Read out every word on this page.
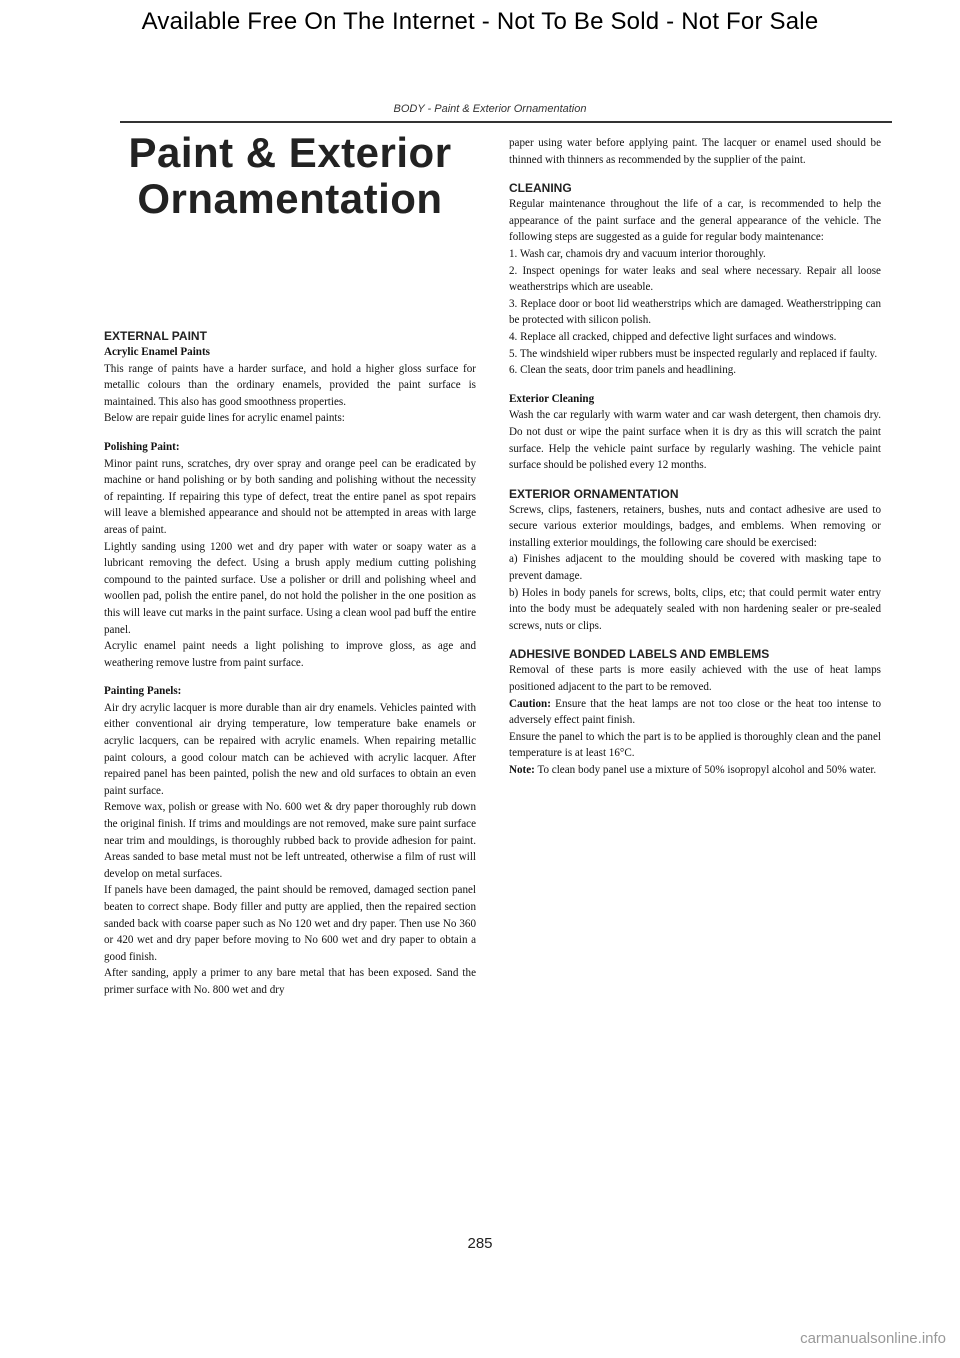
Available Free On The Internet - Not To Be Sold - Not For Sale
BODY - Paint & Exterior Ornamentation
Paint & Exterior
Ornamentation

EXTERNAL PAINT

Acrylic Enamel Paints

This range of paints have a harder surface, and hold a higher gloss surface for metallic colours than the ordinary enamels, provided the paint surface is maintained. This also has good smoothness properties.

Below are repair guide lines for acrylic enamel paints:

Polishing Paint:

Minor paint runs, scratches, dry over spray and orange peel can be eradicated by machine or hand polishing or by both sanding and polishing without the necessity of repainting. If repairing this type of defect, treat the entire panel as spot repairs will leave a blemished appearance and should not be attempted in areas with large areas of paint.

Lightly sanding using 1200 wet and dry paper with water or soapy water as a lubricant removing the defect. Using a brush apply medium cutting polishing compound to the painted surface. Use a polisher or drill and polishing wheel and woollen pad, polish the entire panel, do not hold the polisher in the one position as this will leave cut marks in the paint surface. Using a clean wool pad buff the entire panel.

Acrylic enamel paint needs a light polishing to improve gloss, as age and weathering remove lustre from paint surface.

Painting Panels:

Air dry acrylic lacquer is more durable than air dry enamels. Vehicles painted with either conventional air drying temperature, low temperature bake enamels or acrylic lacquers, can be repaired with acrylic enamels. When repairing metallic paint colours, a good colour match can be achieved with acrylic lacquer. After repaired panel has been painted, polish the new and old surfaces to obtain an even paint surface.

Remove wax, polish or grease with No. 600 wet & dry paper thoroughly rub down the original finish. If trims and mouldings are not removed, make sure paint surface near trim and mouldings, is thoroughly rubbed back to provide adhesion for paint. Areas sanded to base metal must not be left untreated, otherwise a film of rust will develop on metal surfaces.

If panels have been damaged, the paint should be removed, damaged section panel beaten to correct shape. Body filler and putty are applied, then the repaired section sanded back with coarse paper such as No 120 wet and dry paper. Then use No 360 or 420 wet and dry paper before moving to No 600 wet and dry paper to obtain a good finish.

After sanding, apply a primer to any bare metal that has been exposed. Sand the primer surface with No. 800 wet and dry

paper using water before applying paint. The lacquer or enamel used should be thinned with thinners as recommended by the supplier of the paint.

CLEANING

Regular maintenance throughout the life of a car, is recommended to help the appearance of the paint surface and the general appearance of the vehicle. The following steps are suggested as a guide for regular body maintenance:

1. Wash car, chamois dry and vacuum interior thoroughly.

2. Inspect openings for water leaks and seal where necessary. Repair all loose weatherstrips which are useable.

3. Replace door or boot lid weatherstrips which are damaged. Weatherstripping can be protected with silicon polish.

4. Replace all cracked, chipped and defective light surfaces and windows.

5. The windshield wiper rubbers must be inspected regularly and replaced if faulty.

6. Clean the seats, door trim panels and headlining.

Exterior Cleaning

Wash the car regularly with warm water and car wash detergent, then chamois dry. Do not dust or wipe the paint surface when it is dry as this will scratch the paint surface. Help the vehicle paint surface by regularly washing. The vehicle paint surface should be polished every 12 months.

EXTERIOR ORNAMENTATION

Screws, clips, fasteners, retainers, bushes, nuts and contact adhesive are used to secure various exterior mouldings, badges, and emblems. When removing or installing exterior mouldings, the following care should be exercised:

a) Finishes adjacent to the moulding should be covered with masking tape to prevent damage.

b) Holes in body panels for screws, bolts, clips, etc; that could permit water entry into the body must be adequately sealed with non hardening sealer or pre-sealed screws, nuts or clips.

ADHESIVE BONDED LABELS AND EMBLEMS

Removal of these parts is more easily achieved with the use of heat lamps positioned adjacent to the part to be removed.

Caution: Ensure that the heat lamps are not too close or the heat too intense to adversely effect paint finish.

Ensure the panel to which the part is to be applied is thoroughly clean and the panel temperature is at least 16°C.

Note: To clean body panel use a mixture of 50% isopropyl alcohol and 50% water.

285
carmanualsonline.info
